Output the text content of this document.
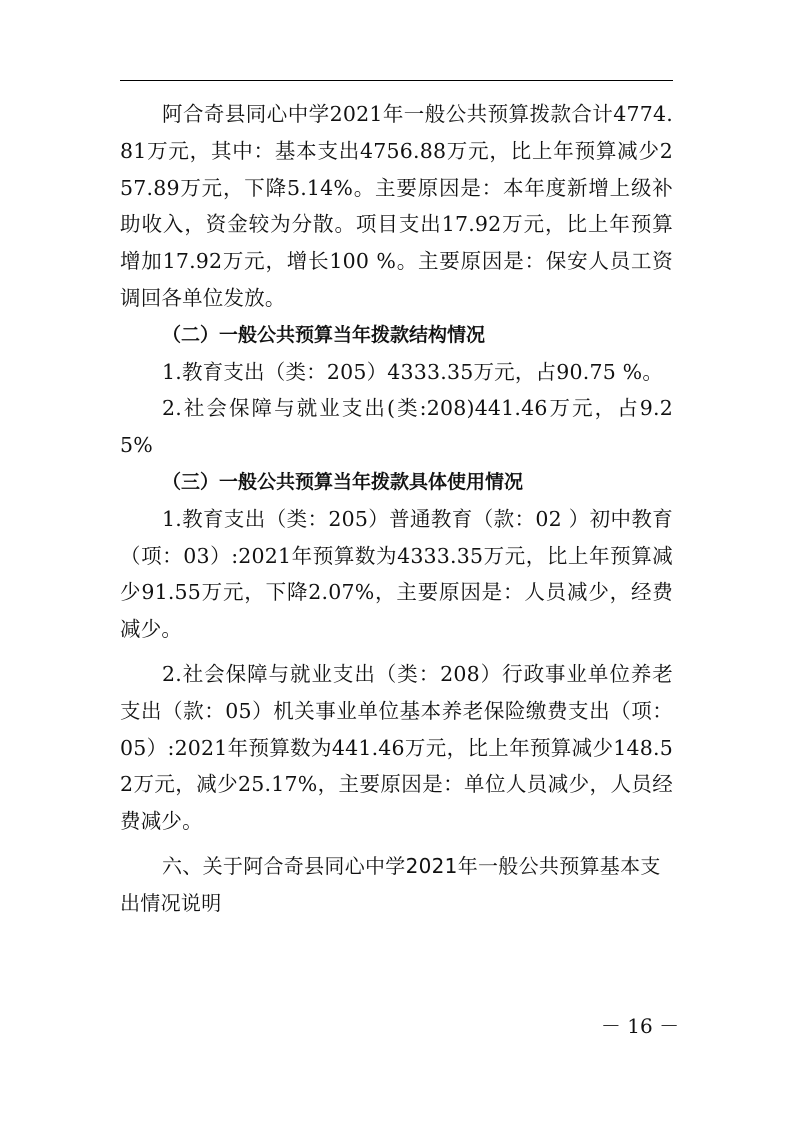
阿合奇县同心中学2021年一般公共预算拨款合计4774.81万元，其中：基本支出4756.88万元，比上年预算减少257.89万元，下降5.14%。主要原因是：本年度新增上级补助收入，资金较为分散。项目支出17.92万元，比上年预算增加17.92万元，增长100 %。主要原因是：保安人员工资调回各单位发放。

（二）一般公共预算当年拨款结构情况

1.教育支出（类：205）4333.35万元，占90.75 %。

2.社会保障与就业支出(类:208)441.46万元，占9.25%

（三）一般公共预算当年拨款具体使用情况

1.教育支出（类：205）普通教育（款：02 ）初中教育（项：03）:2021年预算数为4333.35万元，比上年预算减少91.55万元，下降2.07%，主要原因是：人员减少，经费减少。

2.社会保障与就业支出（类：208）行政事业单位养老支出（款：05）机关事业单位基本养老保险缴费支出（项：05）:2021年预算数为441.46万元，比上年预算减少148.52万元，减少25.17%，主要原因是：单位人员减少，人员经费减少。

六、关于阿合奇县同心中学2021年一般公共预算基本支出情况说明

－ 16 －
